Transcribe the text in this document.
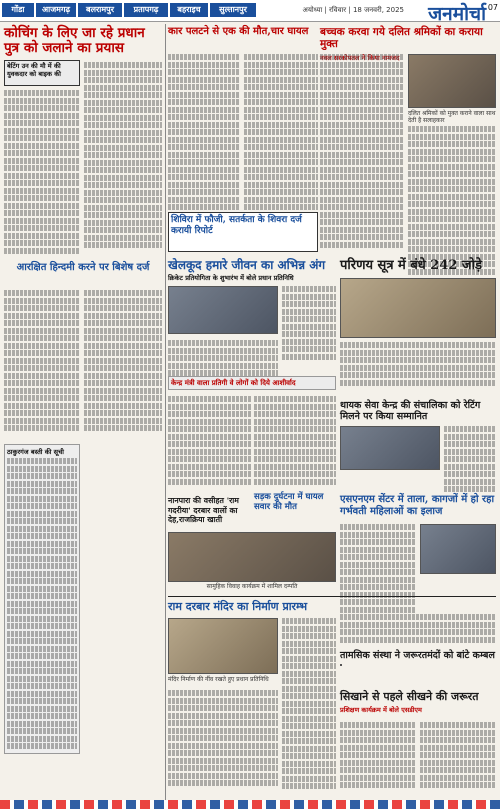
गोंडा	आजमगढ़	बलरामपुर	प्रतापगढ़	बहराइच	सुल्तानपुर	अयोध्या | रविवार | 18 जनवरी, 2025 जनमोर्चा 07
कोचिंग के लिए जा रहे प्रधान पुत्र को जलाने का प्रयास
बेटिंग उन की मौ में की युवकदार को बाइक की
आरक्षित हिन्दमी करने पर बिशेष दर्ज
ठाकुरगंज बस्ती की सूची
कार पलटने से एक की मौत,चार घायल
खेलकूद हमारे जीवन का अभिन्न अंग
क्रिकेट प्रतियोगिता के शुभारंभ में बोले प्रधान प्रतिनिधि
बच्चक करवा गये दलित श्रमिकों का कराया मुक्त
नवल सरकोपतल ने किया नामजद
दलित श्रमिकों को मुक्त कराने वाला साथ देती है सलाहकार
शिविरा में फौजी, सतर्कता के शिवरा दर्ज करायी रिपोर्ट
परिणय सूत्र में बंधे 242 जोड़े
थायक सेवा केन्द्र की संचालिका को रेटिंग मिलने पर किया सम्मानित
केन्द्र मंत्री वाला प्रतिगी वे लोगों को दिये आशीर्वाद
सड़क दुर्घटना में घायल सवार की मौत
नानपारा की वसीहत 'राम गदरीया' दरबार वालों का देह,राजक्रिया खाती
सामुहिक विवाह कार्यक्रम में शामिल दम्पति
एसएनएम सेंटर में ताला, कागजों में हो रहा गर्भवती महिलाओं का इलाज
राम दरबार मंदिर का निर्माण प्रारम्भ
मंदिर निर्माण की नींव रखते हुए प्रधान प्रतिनिधि
सिखाने से पहले सीखने की जरूरत
प्रशिक्षण कार्यक्रम में बोले एसडीएम
तामसिक संस्था ने जरूरतमंदों को बांटे कम्बल
